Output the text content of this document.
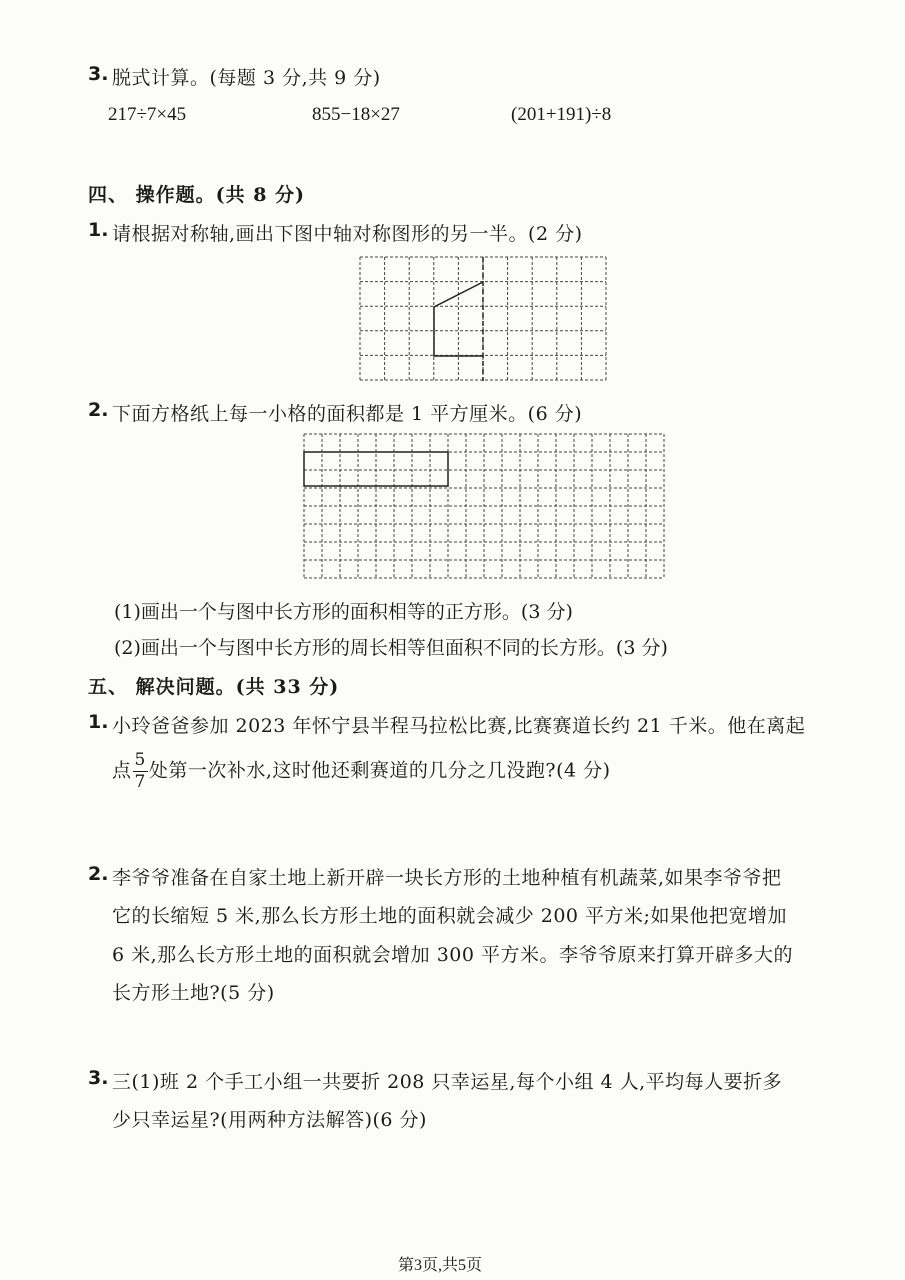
3. 脱式计算。(每题 3 分,共 9 分)
217÷7×45	855−18×27	(201+191)÷8
四、 操作题。(共 8 分)
1. 请根据对称轴,画出下图中轴对称图形的另一半。(2 分)
2. 下面方格纸上每一小格的面积都是 1 平方厘米。(6 分)
(1)画出一个与图中长方形的面积相等的正方形。(3 分)
(2)画出一个与图中长方形的周长相等但面积不同的长方形。(3 分)
五、 解决问题。(共 33 分)
1. 小玲爸爸参加 2023 年怀宁县半程马拉松比赛,比赛赛道长约 21 千米。他在离起
点 $\frac{5}{7}$ 处第一次补水,这时他还剩赛道的几分之几没跑?(4 分)
2. 李爷爷准备在自家土地上新开辟一块长方形的土地种植有机蔬菜,如果李爷爷把
它的长缩短 5 米,那么长方形土地的面积就会减少 200 平方米;如果他把宽增加
6 米,那么长方形土地的面积就会增加 300 平方米。李爷爷原来打算开辟多大的
长方形土地?(5 分)
3. 三(1)班 2 个手工小组一共要折 208 只幸运星,每个小组 4 人,平均每人要折多
少只幸运星?(用两种方法解答)(6 分)
第3页,共5页
